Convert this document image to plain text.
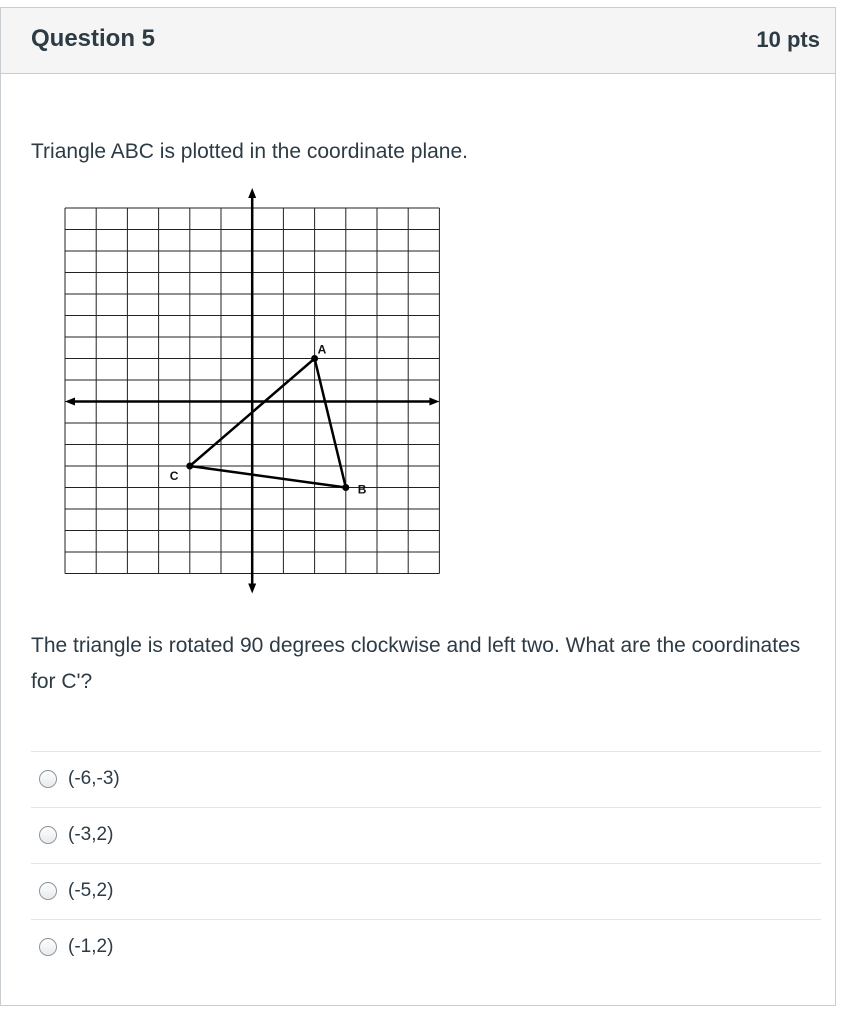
Question 5	10 pts
Triangle ABC is plotted in the coordinate plane.
A
B
C
The triangle is rotated 90 degrees clockwise and left two. What are the coordinates for C'?
(-6,-3)
(-3,2)
(-5,2)
(-1,2)
